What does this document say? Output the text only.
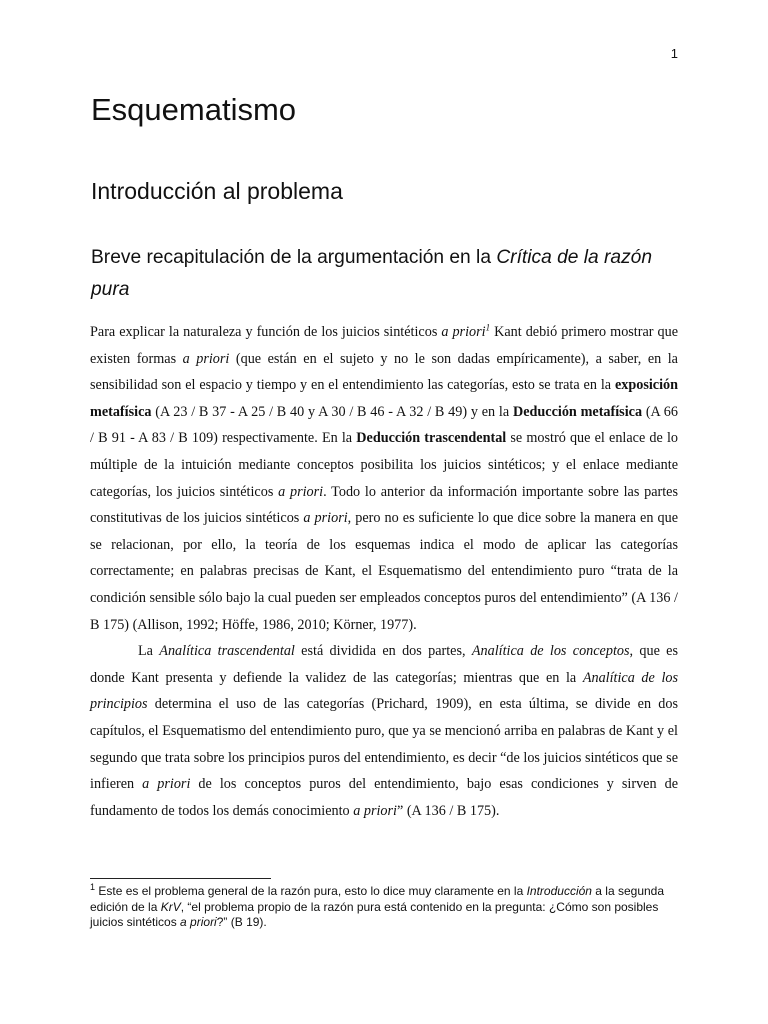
1
Esquematismo
Introducción al problema
Breve recapitulación de la argumentación en la Crítica de la razón pura

Para explicar la naturaleza y función de los juicios sintéticos a priori$^1$ Kant debió primero mostrar que existen formas a priori (que están en el sujeto y no le son dadas empíricamente), a saber, en la sensibilidad son el espacio y tiempo y en el entendimiento las categorías, esto se trata en la exposición metafísica (A 23 / B 37 - A 25 / B 40 y A 30 / B 46 - A 32 / B 49) y en la Deducción metafísica (A 66 / B 91 - A 83 / B 109) respectivamente. En la Deducción trascendental se mostró que el enlace de lo múltiple de la intuición mediante conceptos posibilita los juicios sintéticos; y el enlace mediante categorías, los juicios sintéticos a priori. Todo lo anterior da información importante sobre las partes constitutivas de los juicios sintéticos a priori, pero no es suficiente lo que dice sobre la manera en que se relacionan, por ello, la teoría de los esquemas indica el modo de aplicar las categorías correctamente; en palabras precisas de Kant, el Esquematismo del entendimiento puro “trata de la condición sensible sólo bajo la cual pueden ser empleados conceptos puros del entendimiento” (A 136 / B 175) (Allison, 1992; Höffe, 1986, 2010; Körner, 1977).

La Analítica trascendental está dividida en dos partes, Analítica de los conceptos, que es donde Kant presenta y defiende la validez de las categorías; mientras que en la Analítica de los principios determina el uso de las categorías (Prichard, 1909), en esta última, se divide en dos capítulos, el Esquematismo del entendimiento puro, que ya se mencionó arriba en palabras de Kant y el segundo que trata sobre los principios puros del entendimiento, es decir “de los juicios sintéticos que se infieren a priori de los conceptos puros del entendimiento, bajo esas condiciones y sirven de fundamento de todos los demás conocimiento a priori” (A 136 / B 175).

$^1$ Este es el problema general de la razón pura, esto lo dice muy claramente en la Introducción a la segunda edición de la KrV, “el problema propio de la razón pura está contenido en la pregunta: ¿Cómo son posibles juicios sintéticos a priori?” (B 19).
